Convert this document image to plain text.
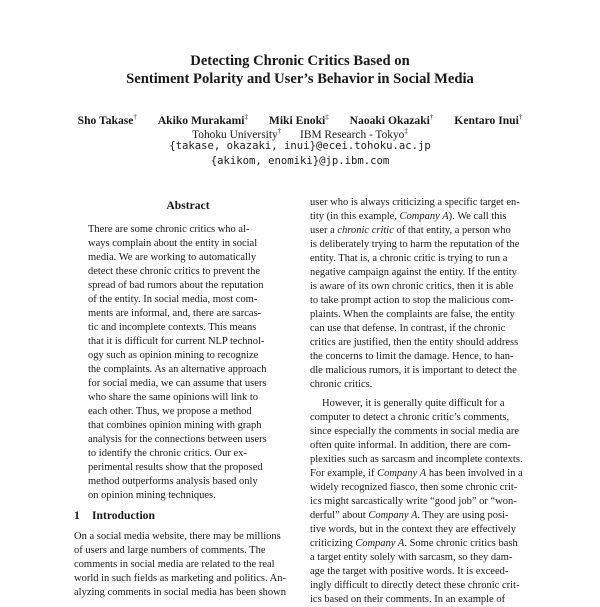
Detecting Chronic Critics Based on
Sentiment Polarity and User’s Behavior in Social Media
Sho Takase† Akiko Murakami‡ Miki Enoki‡ Naoaki Okazaki† Kentaro Inui†
Tohoku University† IBM Research - Tokyo‡
{takase, okazaki, inui}@ecei.tohoku.ac.jp
{akikom, enomiki}@jp.ibm.com
Abstract
There are some chronic critics who al-
ways complain about the entity in social
media. We are working to automatically
detect these chronic critics to prevent the
spread of bad rumors about the reputation
of the entity. In social media, most com-
ments are informal, and, there are sarcas-
tic and incomplete contexts. This means
that it is difficult for current NLP technol-
ogy such as opinion mining to recognize
the complaints. As an alternative approach
for social media, we can assume that users
who share the same opinions will link to
each other. Thus, we propose a method
that combines opinion mining with graph
analysis for the connections between users
to identify the chronic critics. Our ex-
perimental results show that the proposed
method outperforms analysis based only
on opinion mining techniques.
1 Introduction
On a social media website, there may be millions
of users and large numbers of comments. The
comments in social media are related to the real
world in such fields as marketing and politics. An-
alyzing comments in social media has been shown
user who is always criticizing a specific target en-
tity (in this example, Company A). We call this
user a chronic critic of that entity, a person who
is deliberately trying to harm the reputation of the
entity. That is, a chronic critic is trying to run a
negative campaign against the entity. If the entity
is aware of its own chronic critics, then it is able
to take prompt action to stop the malicious com-
plaints. When the complaints are false, the entity
can use that defense. In contrast, if the chronic
critics are justified, then the entity should address
the concerns to limit the damage. Hence, to han-
dle malicious rumors, it is important to detect the
chronic critics.
However, it is generally quite difficult for a
computer to detect a chronic critic’s comments,
since especially the comments in social media are
often quite informal. In addition, there are com-
plexities such as sarcasm and incomplete contexts.
For example, if Company A has been involved in a
widely recognized fiasco, then some chronic crit-
ics might sarcastically write “good job” or “won-
derful” about Company A. They are using posi-
tive words, but in the context they are effectively
criticizing Company A. Some chronic critics bash
a target entity solely with sarcasm, so they dam-
age the target with positive words. It is exceed-
ingly difficult to directly detect these chronic crit-
ics based on their comments. In an example of
